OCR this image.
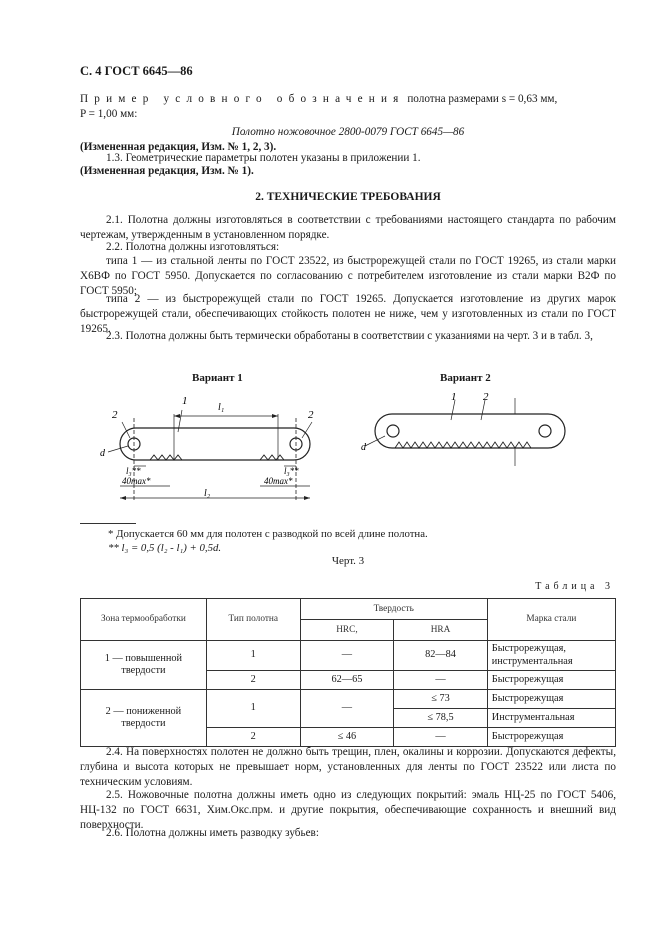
С. 4 ГОСТ 6645—86
Пример условного обозначения полотна размерами s = 0,63 мм,
P = 1,00 мм:
Полотно ножовочное 2800-0079 ГОСТ 6645—86
(Измененная редакция, Изм. № 1, 2, 3).
1.3. Геометрические параметры полотен указаны в приложении 1.
(Измененная редакция, Изм. № 1).
2. ТЕХНИЧЕСКИЕ ТРЕБОВАНИЯ
2.1. Полотна должны изготовляться в соответствии с требованиями настоящего стандарта по рабочим чертежам, утвержденным в установленном порядке.
2.2. Полотна должны изготовляться:
типа 1 — из стальной ленты по ГОСТ 23522, из быстрорежущей стали по ГОСТ 19265, из стали марки Х6ВФ по ГОСТ 5950. Допускается по согласованию с потребителем изготовление из стали марки В2Ф по ГОСТ 5950;
типа 2 — из быстрорежущей стали по ГОСТ 19265. Допускается изготовление из других марок быстрорежущей стали, обеспечивающих стойкость полотен не ниже, чем у изготовленных из стали по ГОСТ 19265.
2.3. Полотна должны быть термически обработаны в соответствии с указаниями на черт. 3 и в табл. 3,
Вариант 1	Вариант 2
2	2
1
l₁
l₂
l₃**	l₃**
d
40max*	40max*
1 2
d
* Допускается 60 мм для полотен с разводкой по всей длине полотна.
** l₃ = 0,5 (l₂ - l₁) + 0,5d.
Черт. 3
Таблица 3
Зона термообработки	Тип полотна	Твердость		Марка стали
		HRC,	HRA	
1 — повышенной твердости	1	—	82—84	Быстрорежущая, инструментальная
	2	62—65	—	Быстрорежущая
2 — пониженной твердости	1	—	≤ 73	Быстрорежущая
			≤ 78,5	Инструментальная
	2	≤ 46	—	Быстрорежущая
2.4. На поверхностях полотен не должно быть трещин, плен, окалины и коррозии. Допускаются дефекты, глубина и высота которых не превышает норм, установленных для ленты по ГОСТ 23522 или листа по техническим условиям.
2.5. Ножовочные полотна должны иметь одно из следующих покрытий: эмаль НЦ-25 по ГОСТ 5406, НЦ-132 по ГОСТ 6631, Хим.Окс.прм. и другие покрытия, обеспечивающие сохранность и внешний вид поверхности.
2.6. Полотна должны иметь разводку зубьев:
